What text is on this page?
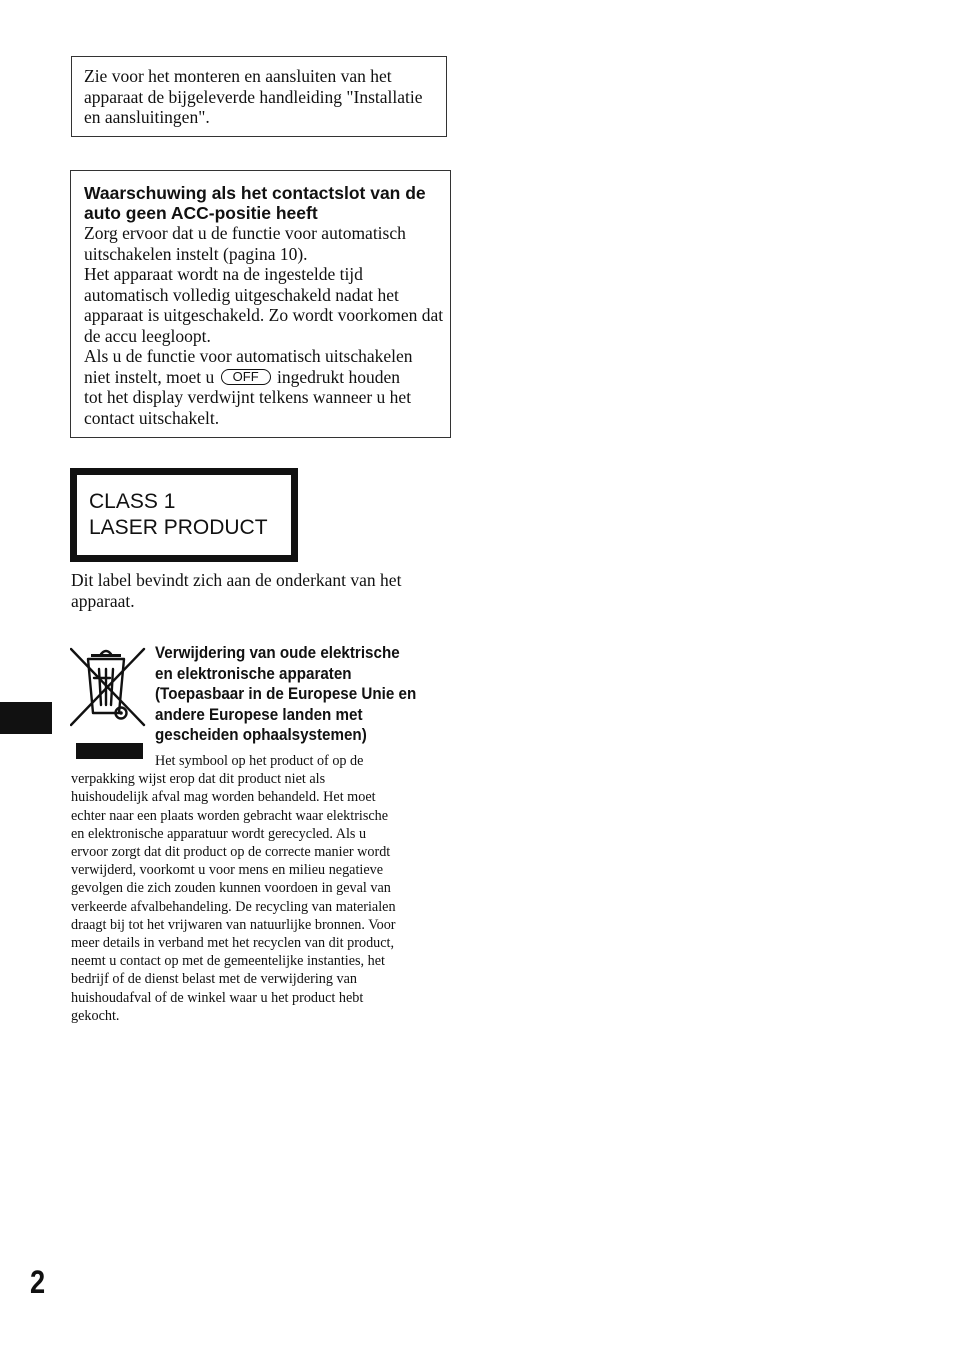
Zie voor het monteren en aansluiten van het apparaat de bijgeleverde handleiding "Installatie en aansluitingen".
Waarschuwing als het contactslot van de auto geen ACC-positie heeft
Zorg ervoor dat u de functie voor automatisch uitschakelen instelt (pagina 10).
Het apparaat wordt na de ingestelde tijd automatisch volledig uitgeschakeld nadat het apparaat is uitgeschakeld. Zo wordt voorkomen dat de accu leegloopt.
Als u de functie voor automatisch uitschakelen
niet instelt, moet u OFF ingedrukt houden
tot het display verdwijnt telkens wanneer u het contact uitschakelt.
CLASS 1
LASER PRODUCT
Dit label bevindt zich aan de onderkant van het apparaat.
Verwijdering van oude elektrische
en elektronische apparaten
(Toepasbaar in de Europese Unie en
andere Europese landen met
gescheiden ophaalsystemen)
Het symbool op het product of op de
verpakking wijst erop dat dit product niet als
huishoudelijk afval mag worden behandeld. Het moet
echter naar een plaats worden gebracht waar elektrische
en elektronische apparatuur wordt gerecycled. Als u
ervoor zorgt dat dit product op de correcte manier wordt
verwijderd, voorkomt u voor mens en milieu negatieve
gevolgen die zich zouden kunnen voordoen in geval van
verkeerde afvalbehandeling. De recycling van materialen
draagt bij tot het vrijwaren van natuurlijke bronnen. Voor
meer details in verband met het recyclen van dit product,
neemt u contact op met de gemeentelijke instanties, het
bedrijf of de dienst belast met de verwijdering van
huishoudafval of de winkel waar u het product hebt
gekocht.
2
